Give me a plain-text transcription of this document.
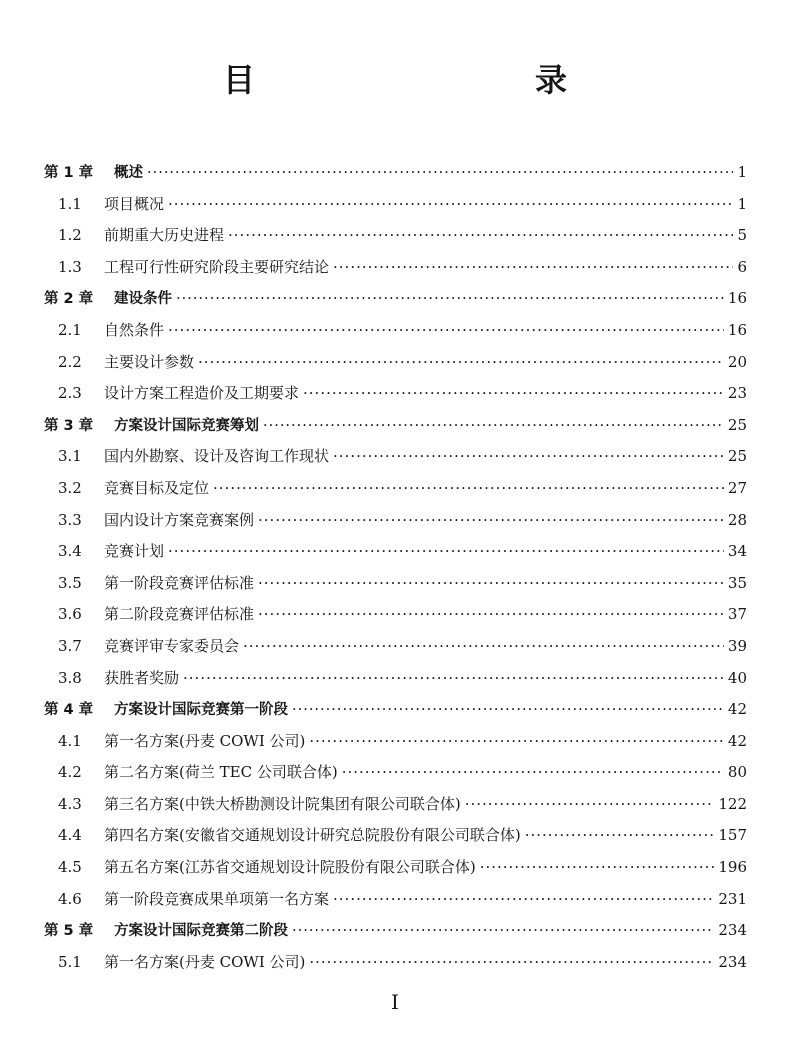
目　　录
第 1 章	概述 ·····	1
1.1	项目概况 ·····	1
1.2	前期重大历史进程 ·····	5
1.3	工程可行性研究阶段主要研究结论 ·····	6
第 2 章	建设条件 ·····	16
2.1	自然条件 ·····	16
2.2	主要设计参数 ·····	20
2.3	设计方案工程造价及工期要求 ·····	23
第 3 章	方案设计国际竞赛筹划 ·····	25
3.1	国内外勘察、设计及咨询工作现状 ·····	25
3.2	竞赛目标及定位 ·····	27
3.3	国内设计方案竞赛案例 ·····	28
3.4	竞赛计划 ·····	34
3.5	第一阶段竞赛评估标准 ·····	35
3.6	第二阶段竞赛评估标准 ·····	37
3.7	竞赛评审专家委员会 ·····	39
3.8	获胜者奖励 ·····	40
第 4 章	方案设计国际竞赛第一阶段 ·····	42
4.1	第一名方案(丹麦 COWI 公司) ·····	42
4.2	第二名方案(荷兰 TEC 公司联合体) ·····	80
4.3	第三名方案(中铁大桥勘测设计院集团有限公司联合体) ·····	122
4.4	第四名方案(安徽省交通规划设计研究总院股份有限公司联合体) ·····	157
4.5	第五名方案(江苏省交通规划设计院股份有限公司联合体) ·····	196
4.6	第一阶段竞赛成果单项第一名方案 ·····	231
第 5 章	方案设计国际竞赛第二阶段 ·····	234
5.1	第一名方案(丹麦 COWI 公司) ·····	234
I
